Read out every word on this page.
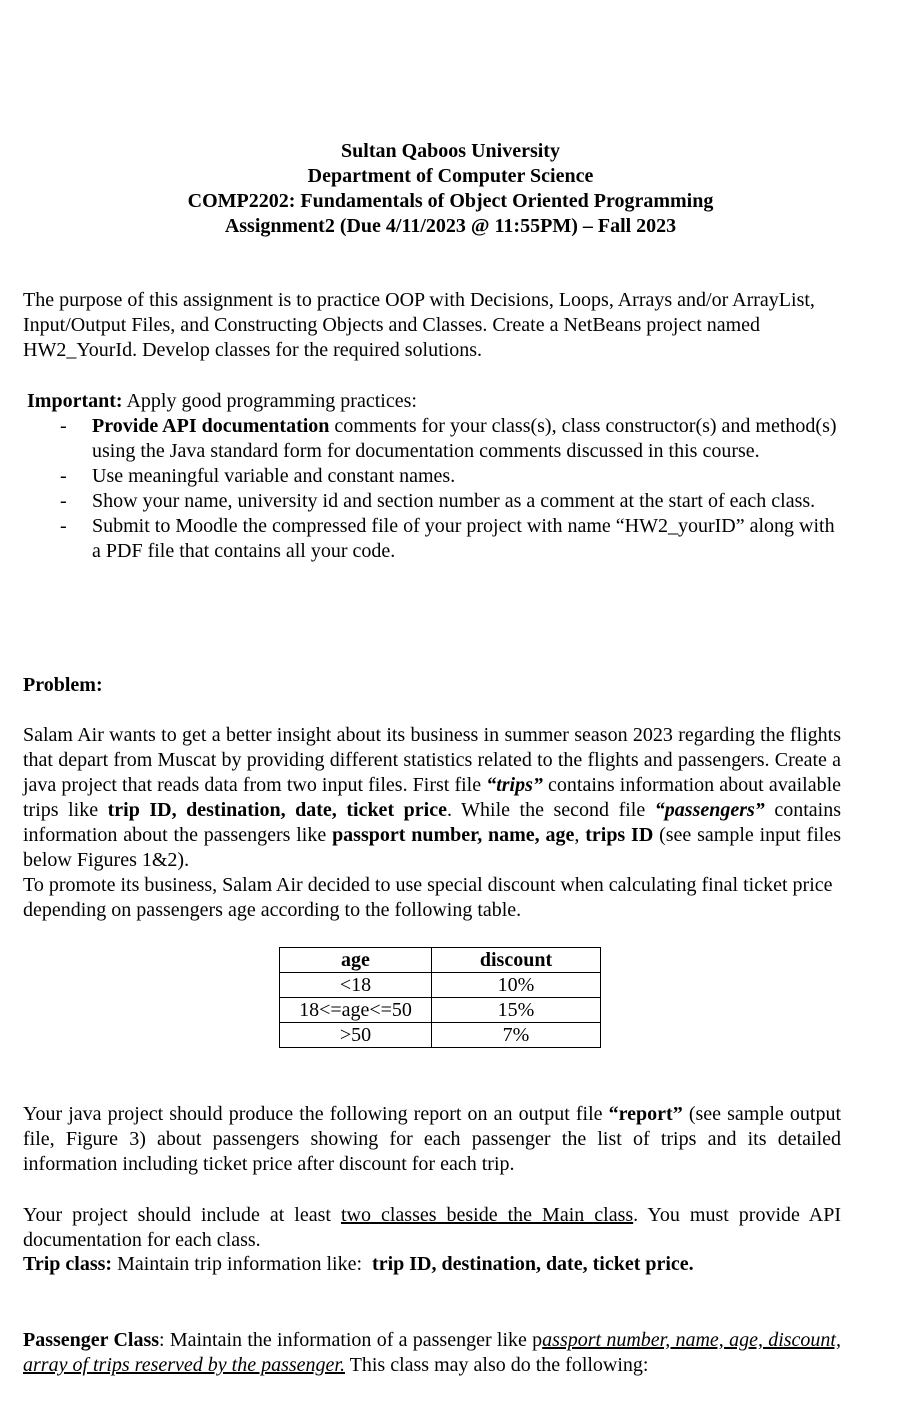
Sultan Qaboos University
Department of Computer Science
COMP2202: Fundamentals of Object Oriented Programming
Assignment2 (Due 4/11/2023 @ 11:55PM) – Fall 2023
The purpose of this assignment is to practice OOP with Decisions, Loops, Arrays and/or ArrayList, Input/Output Files, and Constructing Objects and Classes. Create a NetBeans project named HW2_YourId. Develop classes for the required solutions.
Important: Apply good programming practices:
- Provide API documentation comments for your class(s), class constructor(s) and method(s) using the Java standard form for documentation comments discussed in this course.
- Use meaningful variable and constant names.
- Show your name, university id and section number as a comment at the start of each class.
- Submit to Moodle the compressed file of your project with name “HW2_yourID” along with a PDF file that contains all your code.
Problem:
Salam Air wants to get a better insight about its business in summer season 2023 regarding the flights that depart from Muscat by providing different statistics related to the flights and passengers. Create a java project that reads data from two input files. First file “trips” contains information about available trips like trip ID, destination, date, ticket price. While the second file “passengers” contains information about the passengers like passport number, name, age, trips ID (see sample input files below Figures 1&2).
To promote its business, Salam Air decided to use special discount when calculating final ticket price depending on passengers age according to the following table.
age	discount
<18	10%
18<=age<=50	15%
>50	7%
Your java project should produce the following report on an output file “report” (see sample output file, Figure 3) about passengers showing for each passenger the list of trips and its detailed information including ticket price after discount for each trip.
Your project should include at least two classes beside the Main class. You must provide API documentation for each class.
Trip class: Maintain trip information like:  trip ID, destination, date, ticket price.
Passenger Class: Maintain the information of a passenger like passport number, name, age, discount, array of trips reserved by the passenger. This class may also do the following:
